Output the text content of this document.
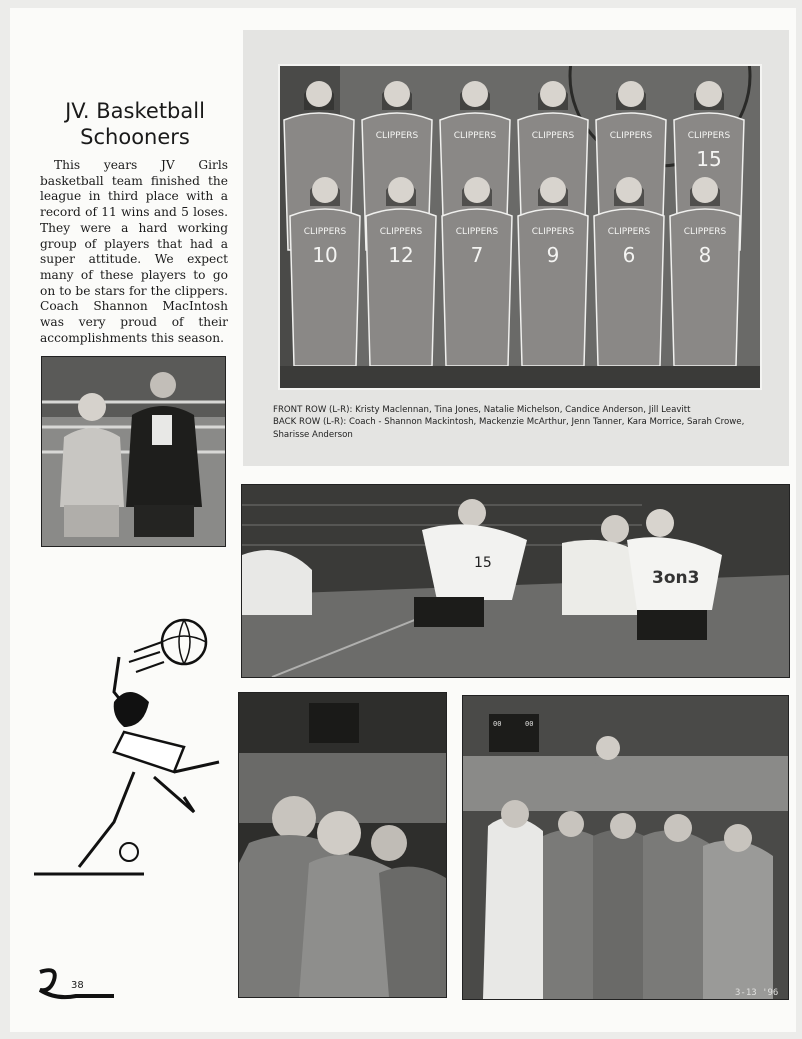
JV. Basketball
Schooners

This years JV Girls basketball team finished the league in third place with a record of 11 wins and 5 loses. They were a hard working group of players that had a super attitude. We expect many of these players to go on to be stars for the clippers. Coach Shannon MacIntosh was very proud of their accomplishments this season.

CLIPPERS	CLIPPERS	CLIPPERS	CLIPPERS	CLIPPERS
15
CLIPPERS
10
CLIPPERS
12
CLIPPERS
7
CLIPPERS
9
CLIPPERS
6
CLIPPERS
8

FRONT ROW (L-R): Kristy Maclennan, Tina Jones, Natalie Michelson, Candice Anderson, Jill Leavitt
BACK ROW (L-R): Coach - Shannon Mackintosh, Mackenzie McArthur, Jenn Tanner, Kara Morrice, Sarah Crowe, Sharisse Anderson

15
3on3
00	00
3-13 '96
38
